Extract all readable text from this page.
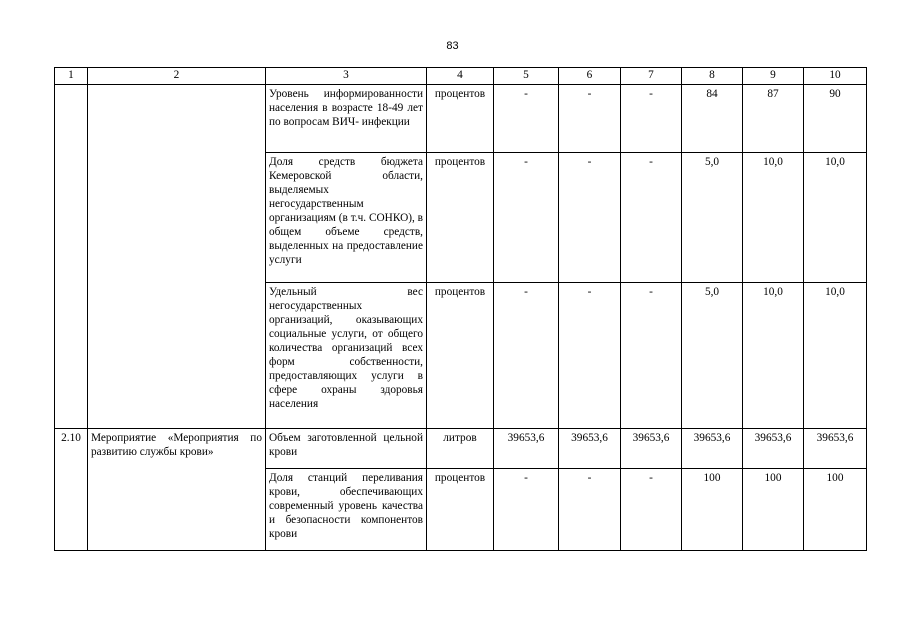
83
1	2	3	4	5	6	7	8	9	10
		Уровень информированности населения в возрасте 18-49 лет по вопросам ВИЧ- инфекции	процентов	-	-	-	84	87	90
		Доля средств бюджета Кемеровской области, выделяемых негосударственным организациям (в т.ч. СОНКО), в общем объеме средств, выделенных на предоставление услуги	процентов	-	-	-	5,0	10,0	10,0
		Удельный вес негосударственных организаций, оказывающих социальные услуги, от общего количества организаций всех форм собственности, предоставляющих услуги в сфере охраны здоровья населения	процентов	-	-	-	5,0	10,0	10,0
2.10	Мероприятие «Мероприятия по развитию службы крови»	Объем заготовленной цельной крови	литров	39653,6	39653,6	39653,6	39653,6	39653,6	39653,6
		Доля станций переливания крови, обеспечивающих современный уровень качества и безопасности компонентов крови	процентов	-	-	-	100	100	100
